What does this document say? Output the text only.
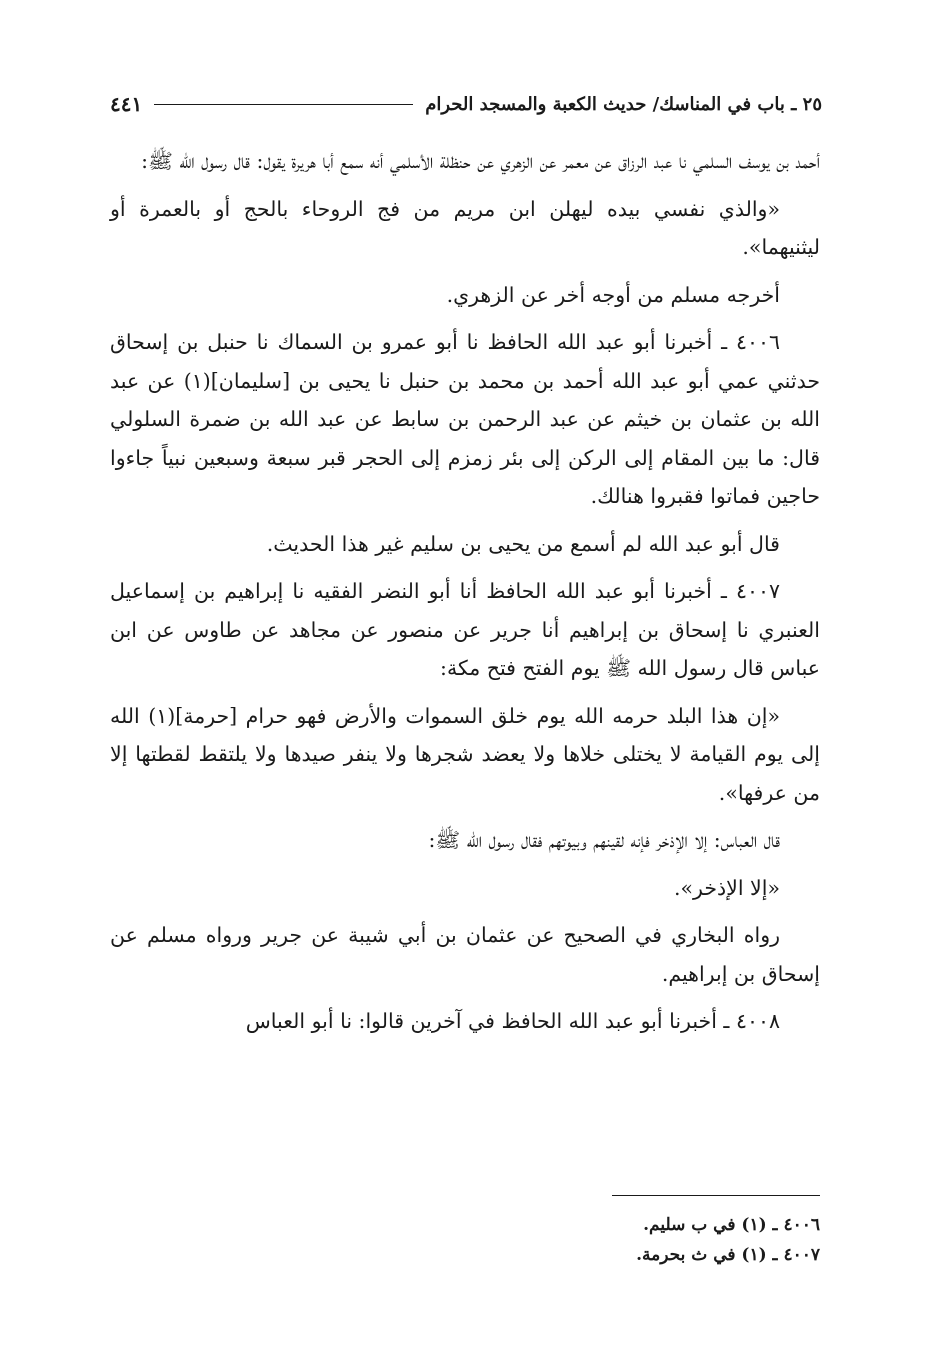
٢٥ ـ باب في المناسك/ حديث الكعبة والمسجد الحرام
٤٤١

أحمد بن يوسف السلمي نا عبد الرزاق عن معمر عن الزهري عن حنظلة الأسلمي أنه سمع أبا هريرة يقول: قال رسول الله ﷺ:

«والذي نفسي بيده ليهلن ابن مريم من فج الروحاء بالحج أو بالعمرة أو ليثنيهما».

أخرجه مسلم من أوجه أخر عن الزهري.

٤٠٠٦ ـ أخبرنا أبو عبد الله الحافظ نا أبو عمرو بن السماك نا حنبل بن إسحاق حدثني عمي أبو عبد الله أحمد بن محمد بن حنبل نا يحيى بن [سليمان](١) عن عبد الله بن عثمان بن خيثم عن عبد الرحمن بن سابط عن عبد الله بن ضمرة السلولي قال: ما بين المقام إلى الركن إلى بئر زمزم إلى الحجر قبر سبعة وسبعين نبياً جاءوا حاجين فماتوا فقبروا هنالك.

قال أبو عبد الله لم أسمع من يحيى بن سليم غير هذا الحديث.

٤٠٠٧ ـ أخبرنا أبو عبد الله الحافظ أنا أبو النضر الفقيه نا إبراهيم بن إسماعيل العنبري نا إسحاق بن إبراهيم أنا جرير عن منصور عن مجاهد عن طاوس عن ابن عباس قال رسول الله ﷺ يوم الفتح فتح مكة:

«إن هذا البلد حرمه الله يوم خلق السموات والأرض فهو حرام [حرمة](١) الله إلى يوم القيامة لا يختلى خلاها ولا يعضد شجرها ولا ينفر صيدها ولا يلتقط لقطتها إلا من عرفها».

قال العباس: إلا الإذخر فإنه لقينهم وبيوتهم فقال رسول الله ﷺ:

«إلا الإذخر».

رواه البخاري في الصحيح عن عثمان بن أبي شيبة عن جرير ورواه مسلم عن إسحاق بن إبراهيم.

٤٠٠٨ ـ أخبرنا أبو عبد الله الحافظ في آخرين قالوا: نا أبو العباس

٤٠٠٦ ـ (١) في ب سليم.
٤٠٠٧ ـ (١) في ث بحرمة.
